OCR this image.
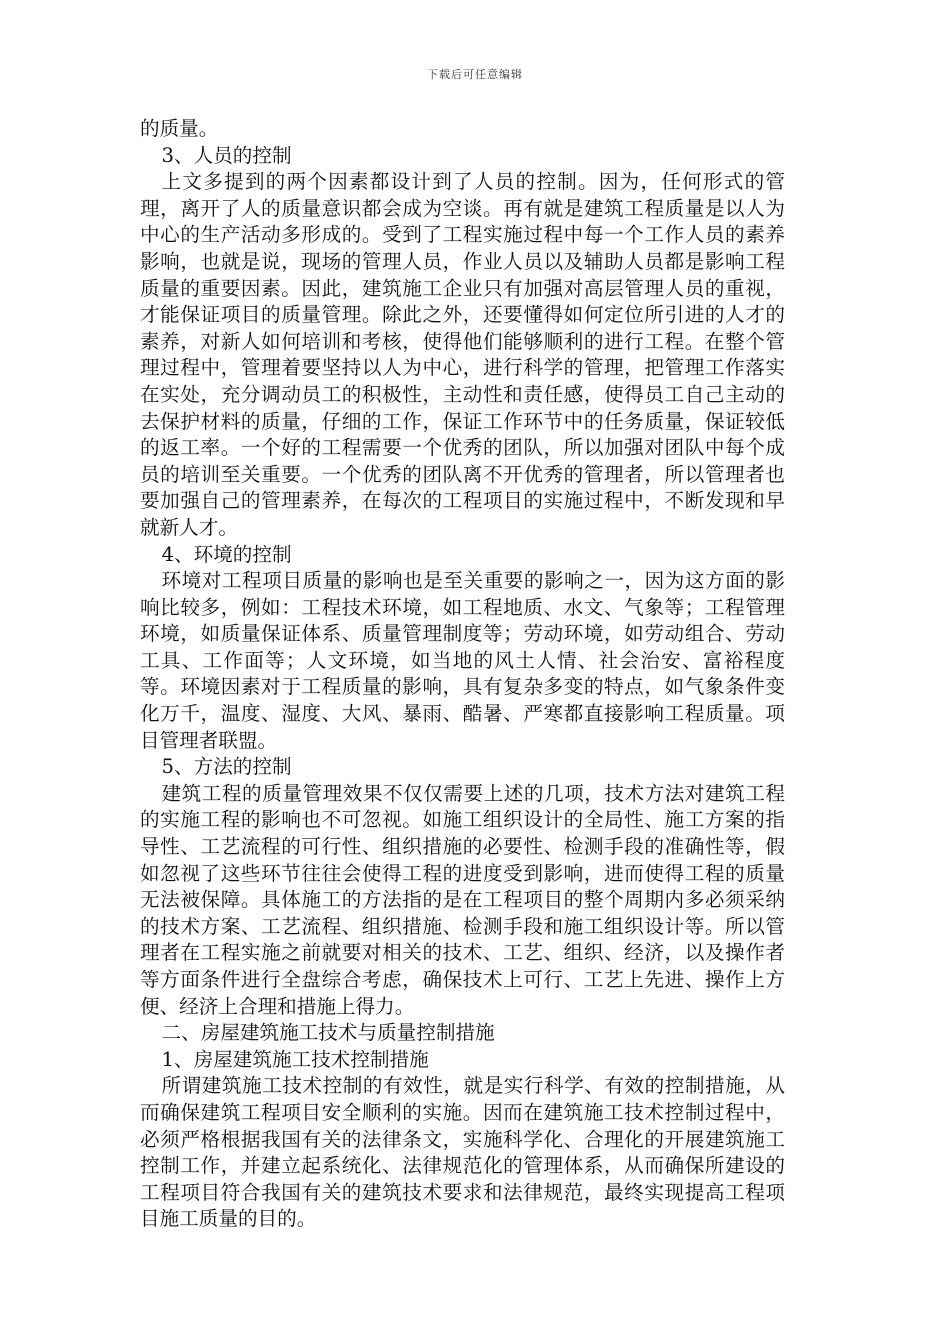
下载后可任意编辑

的质量。

3、人员的控制

上文多提到的两个因素都设计到了人员的控制。因为，任何形式的管理，离开了人的质量意识都会成为空谈。再有就是建筑工程质量是以人为中心的生产活动多形成的。受到了工程实施过程中每一个工作人员的素养影响，也就是说，现场的管理人员，作业人员以及辅助人员都是影响工程质量的重要因素。因此，建筑施工企业只有加强对高层管理人员的重视，才能保证项目的质量管理。除此之外，还要懂得如何定位所引进的人才的素养，对新人如何培训和考核，使得他们能够顺利的进行工程。在整个管理过程中，管理着要坚持以人为中心，进行科学的管理，把管理工作落实在实处，充分调动员工的积极性，主动性和责任感，使得员工自己主动的去保护材料的质量，仔细的工作，保证工作环节中的任务质量，保证较低的返工率。一个好的工程需要一个优秀的团队，所以加强对团队中每个成员的培训至关重要。一个优秀的团队离不开优秀的管理者，所以管理者也要加强自己的管理素养，在每次的工程项目的实施过程中，不断发现和早就新人才。

4、环境的控制

环境对工程项目质量的影响也是至关重要的影响之一，因为这方面的影响比较多，例如：工程技术环境，如工程地质、水文、气象等；工程管理环境，如质量保证体系、质量管理制度等；劳动环境，如劳动组合、劳动工具、工作面等；人文环境，如当地的风土人情、社会治安、富裕程度等。环境因素对于工程质量的影响，具有复杂多变的特点，如气象条件变化万千，温度、湿度、大风、暴雨、酷暑、严寒都直接影响工程质量。项目管理者联盟。

5、方法的控制

建筑工程的质量管理效果不仅仅需要上述的几项，技术方法对建筑工程的实施工程的影响也不可忽视。如施工组织设计的全局性、施工方案的指导性、工艺流程的可行性、组织措施的必要性、检测手段的准确性等，假如忽视了这些环节往往会使得工程的进度受到影响，进而使得工程的质量无法被保障。具体施工的方法指的是在工程项目的整个周期内多必须采纳的技术方案、工艺流程、组织措施、检测手段和施工组织设计等。所以管理者在工程实施之前就要对相关的技术、工艺、组织、经济，以及操作者等方面条件进行全盘综合考虑，确保技术上可行、工艺上先进、操作上方便、经济上合理和措施上得力。

二、房屋建筑施工技术与质量控制措施

1、房屋建筑施工技术控制措施

所谓建筑施工技术控制的有效性，就是实行科学、有效的控制措施，从而确保建筑工程项目安全顺利的实施。因而在建筑施工技术控制过程中，必须严格根据我国有关的法律条文，实施科学化、合理化的开展建筑施工控制工作，并建立起系统化、法律规范化的管理体系，从而确保所建设的工程项目符合我国有关的建筑技术要求和法律规范，最终实现提高工程项目施工质量的目的。
